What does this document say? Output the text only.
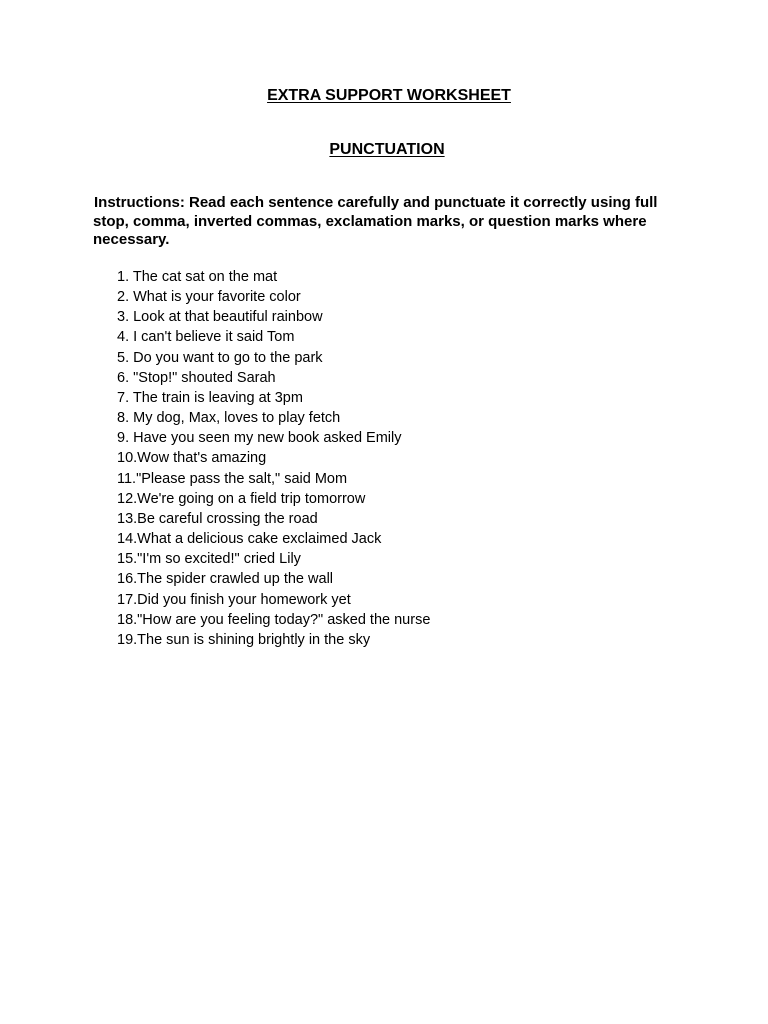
EXTRA SUPPORT WORKSHEET
PUNCTUATION
Instructions: Read each sentence carefully and punctuate it correctly using full stop, comma, inverted commas, exclamation marks, or question marks where necessary.
1. The cat sat on the mat
2. What is your favorite color
3. Look at that beautiful rainbow
4. I can't believe it said Tom
5. Do you want to go to the park
6. "Stop!" shouted Sarah
7. The train is leaving at 3pm
8. My dog, Max, loves to play fetch
9. Have you seen my new book asked Emily
10.Wow that's amazing
11."Please pass the salt," said Mom
12.We're going on a field trip tomorrow
13.Be careful crossing the road
14.What a delicious cake exclaimed Jack
15."I'm so excited!" cried Lily
16.The spider crawled up the wall
17.Did you finish your homework yet
18."How are you feeling today?" asked the nurse
19.The sun is shining brightly in the sky
